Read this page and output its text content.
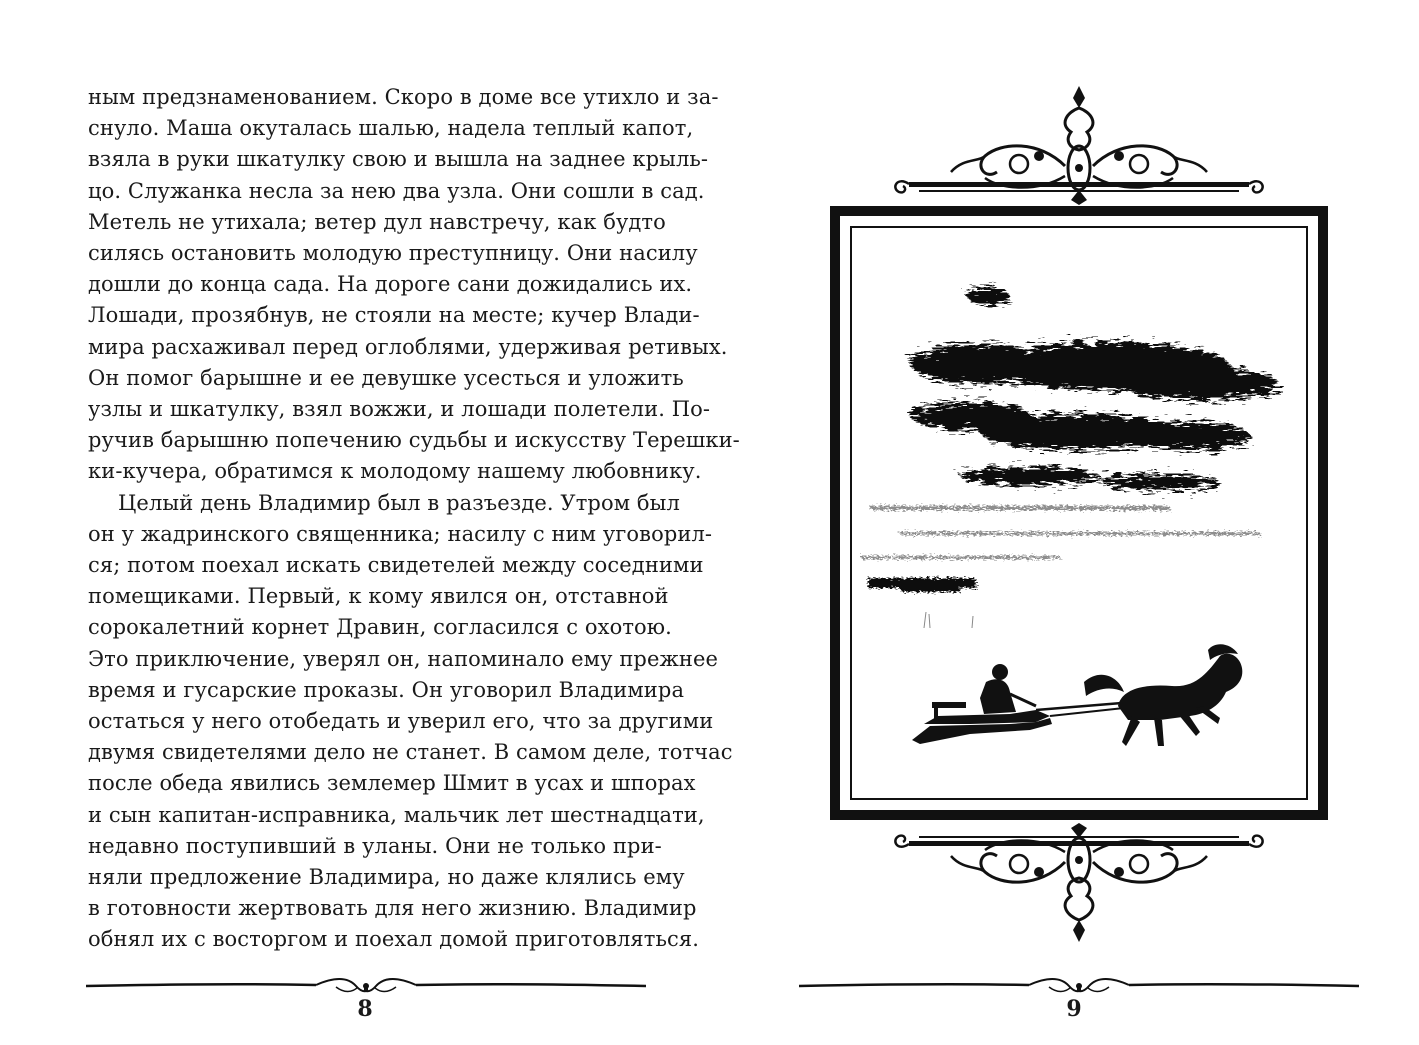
ным предзнаменованием. Скоро в доме все утихло и за-
снуло. Маша окуталась шалью, надела теплый капот,
взяла в руки шкатулку свою и вышла на заднее крыль-
цо. Служанка несла за нею два узла. Они сошли в сад.
Метель не утихала; ветер дул навстречу, как будто
силясь остановить молодую преступницу. Они насилу
дошли до конца сада. На дороге сани дожидались их.
Лошади, прозябнув, не стояли на месте; кучер Влади-
мира расхаживал перед оглоблями, удерживая ретивых.
Он помог барышне и ее девушке усесться и уложить
узлы и шкатулку, взял вожжи, и лошади полетели. По-
ручив барышню попечению судьбы и искусству Терешки-
ки-кучера, обратимся к молодому нашему любовнику.
Целый день Владимир был в разъезде. Утром был
он у жадринского священника; насилу с ним уговорил-
ся; потом поехал искать свидетелей между соседними
помещиками. Первый, к кому явился он, отставной
сорокалетний корнет Дравин, согласился с охотою.
Это приключение, уверял он, напоминало ему прежнее
время и гусарские проказы. Он уговорил Владимира
остаться у него отобедать и уверил его, что за другими
двумя свидетелями дело не станет. В самом деле, тотчас
после обеда явились землемер Шмит в усах и шпорах
и сын капитан-исправника, мальчик лет шестнадцати,
недавно поступивший в уланы. Они не только при-
няли предложение Владимира, но даже клялись ему
в готовности жертвовать для него жизнию. Владимир
обнял их с восторгом и поехал домой приготовляться.
8	9
